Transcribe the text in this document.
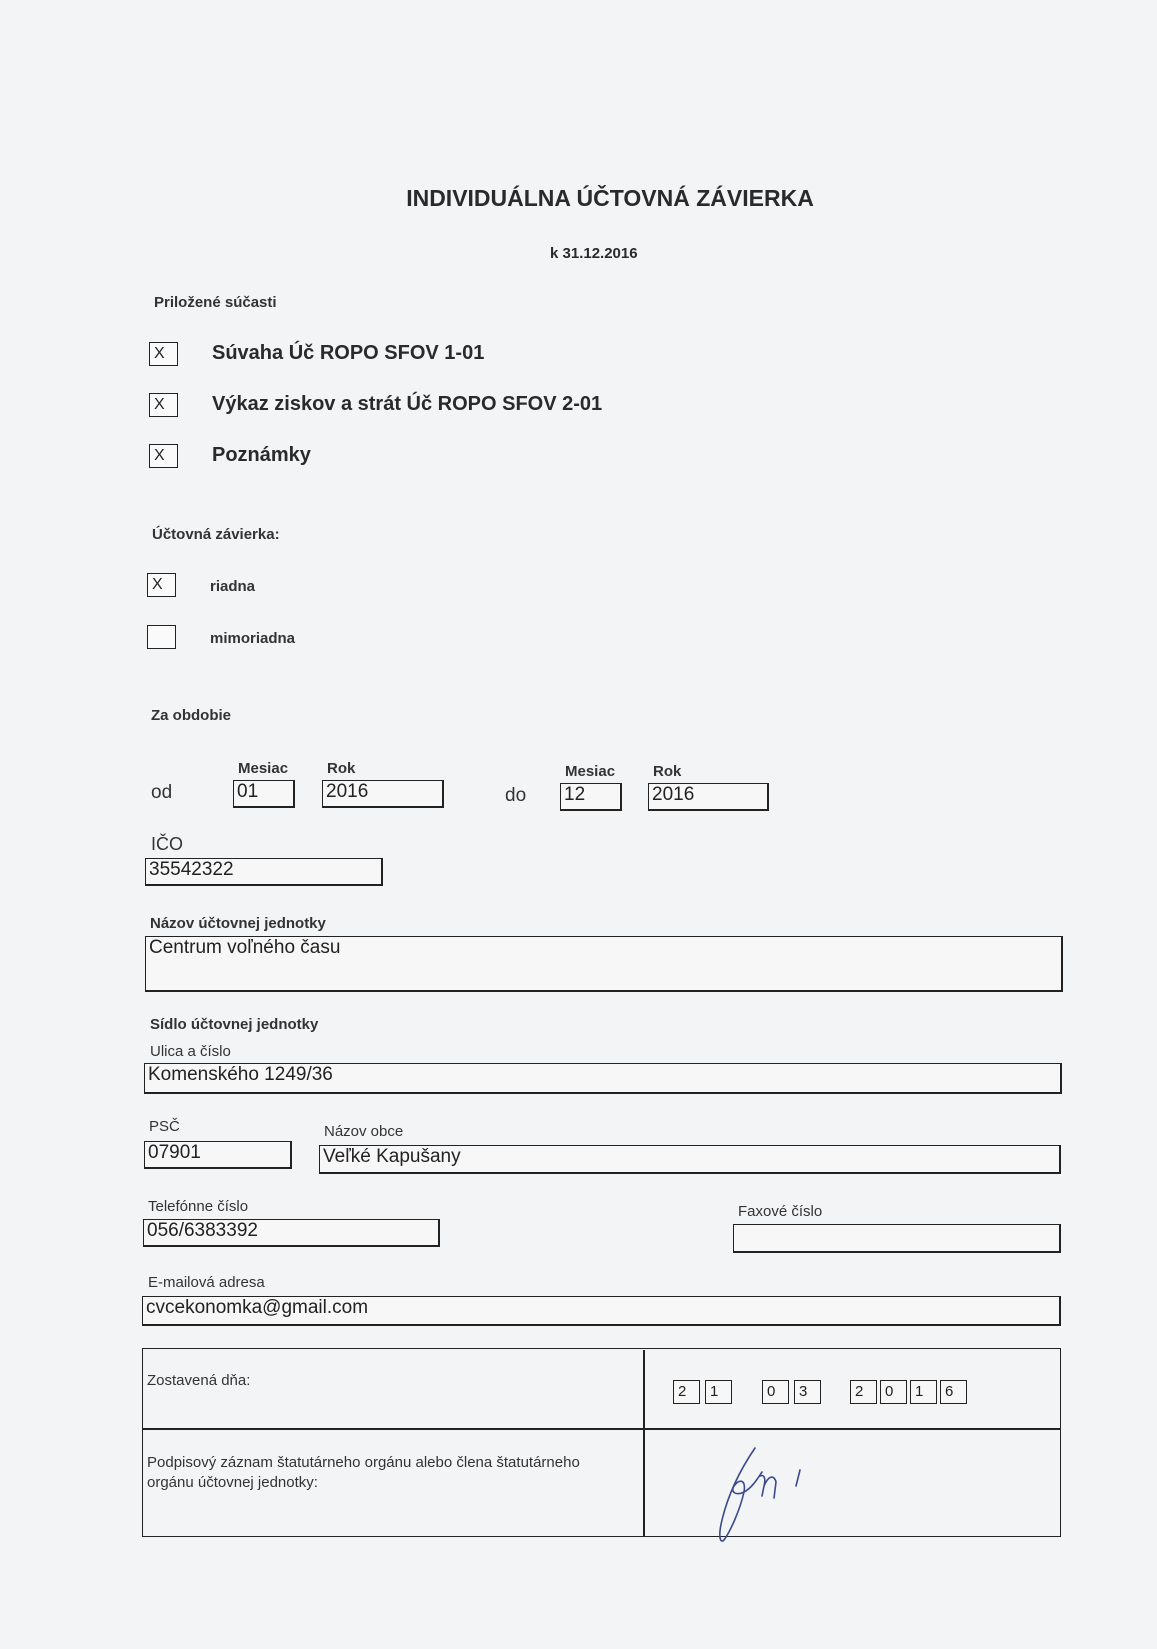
INDIVIDUÁLNA ÚČTOVNÁ ZÁVIERKA
k 31.12.2016
Priložené súčasti
X	Súvaha Úč ROPO SFOV 1-01
X	Výkaz ziskov a strát Úč ROPO SFOV 2-01
X	Poznámky
Účtovná závierka:
X	riadna
mimoriadna
Za obdobie
Mesiac	Rok
od	01	2016
Mesiac	Rok
do 12	2016
IČO
35542322
Názov účtovnej jednotky
Centrum voľného času
Sídlo účtovnej jednotky
Ulica a číslo
Komenského 1249/36
PSČ
07901
Názov obce
Veľké Kapušany
Telefónne číslo
056/6383392
Faxové číslo
E-mailová adresa
cvcekonomka@gmail.com
Zostavená dňa:
2	1	0	3	2	0	1	6
Podpisový záznam štatutárneho orgánu alebo člena štatutárneho
orgánu účtovnej jednotky:
